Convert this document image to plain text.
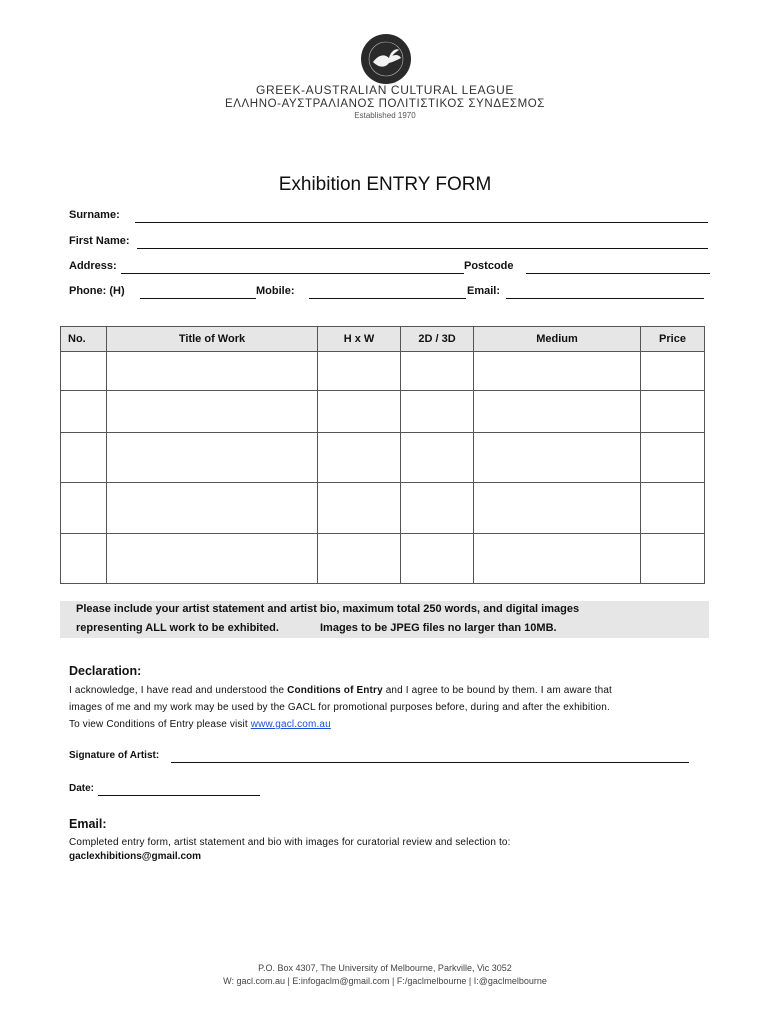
GREEK-AUSTRALIAN CULTURAL LEAGUE
ΕΛΛΗΝΟ-ΑΥΣΤΡΑΛΙΑΝΟΣ ΠΟΛΙΤΙΣΤΙΚΟΣ ΣΥΝΔΕΣΜΟΣ
Established 1970
Exhibition ENTRY FORM
Surname:
First Name:
Address:	Postcode
Phone: (H)	Mobile:	Email:
No.	Title of Work	H x W	2D / 3D	Medium	Price

Please include your artist statement and artist bio, maximum total 250 words, and digital images
representing ALL work to be exhibited.	Images to be JPEG files no larger than 10MB.
Declaration:
I acknowledge, I have read and understood the Conditions of Entry and I agree to be bound by them. I am aware that
images of me and my work may be used by the GACL for promotional purposes before, during and after the exhibition.
To view Conditions of Entry please visit www.gacl.com.au
Signature of Artist:
Date:
Email:
Completed entry form, artist statement and bio with images for curatorial review and selection to:
gaclexhibitions@gmail.com
P.O. Box 4307, The University of Melbourne, Parkville, Vic 3052
W: gacl.com.au | E:infogaclm@gmail.com | F:/gaclmelbourne | I:@gaclmelbourne
